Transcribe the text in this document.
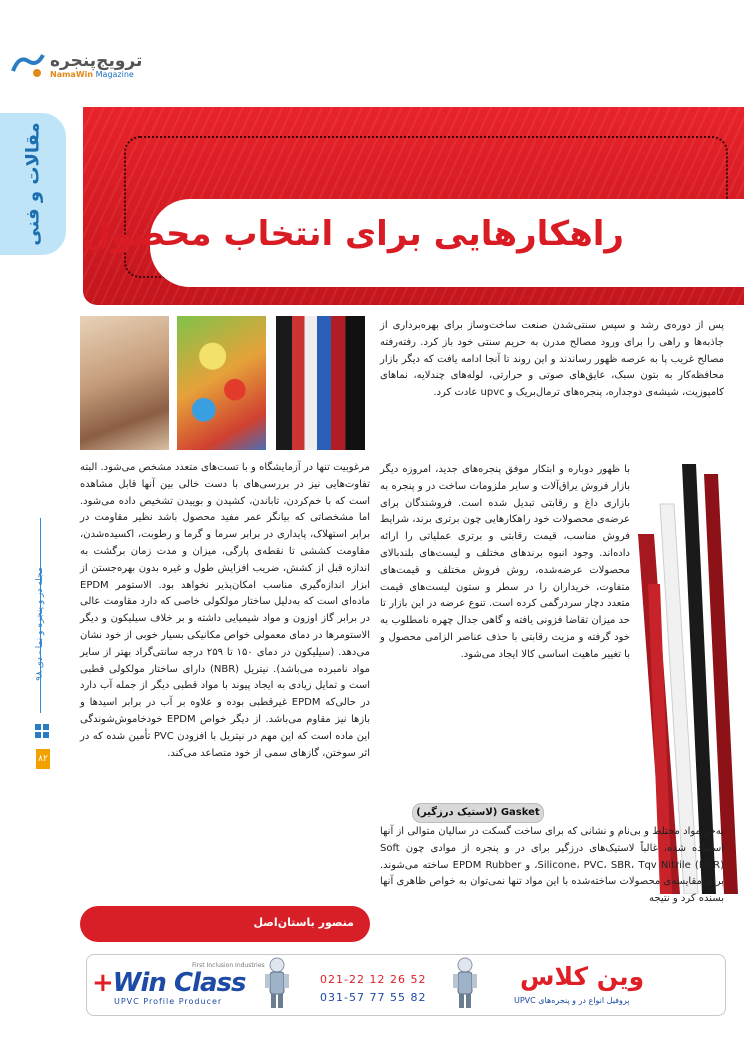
ترویج‌پنجره
NamaWin Magazine
مقالات و فنی راهکارهایی برای انتخاب محصول
مجله در و پنجره و نما - دی ۹۸
۸۲

پس از دوره‌ی رشد و سپس سنتی‌شدن صنعت ساخت‌وساز برای بهره‌برداری از جاذبه‌ها و راهی را برای ورود مصالح مدرن به حریم سنتی خود باز کرد. رفته‌رفته مصالح غریب پا به عرصه ظهور رساندند و این روند تا آنجا ادامه یافت که دیگر بازار محافظه‌کار به بتون سبک، عایق‌های صوتی و حرارتی، لوله‌های چندلایه، نماهای کامپوزیت، شیشه‌ی دوجداره، پنجره‌های ترمال‌بریک و upvc عادت کرد.

با ظهور دوباره و ابتکار موفق پنجره‌های جدید، امروزه دیگر بازار فروش یراق‌آلات و سایر ملزومات ساخت در و پنجره به بازاری داغ و رقابتی تبدیل شده است. فروشندگان برای عرضه‌ی محصولات خود راهکارهایی چون برتری برند، شرایط فروش مناسب، قیمت رقابتی و برتری عملیاتی را ارائه داده‌اند. وجود انبوه برندهای مختلف و لیست‌های بلندبالای محصولات عرضه‌شده، روش فروش مختلف و قیمت‌های متفاوت، خریداران را در سطر و ستون لیست‌های قیمت متعدد دچار سردرگمی کرده است. تنوع عرضه در این بازار تا حد میزان تقاضا فزونی یافته و گاهی جدال چهره نامطلوب به خود گرفته و مزیت رقابتی با حذف عناصر الزامی محصول و با تغییر ماهیت اساسی کالا ایجاد می‌شود.

مرغوبیت تنها در آزمایشگاه و با تست‌های متعدد مشخص می‌شود. البته تفاوت‌هایی نیز در بررسی‌های با دست خالی بین آنها قابل مشاهده است که با خم‌کردن، تاباندن، کشیدن و بوییدن تشخیص داده می‌شود. اما مشخصاتی که بیانگر عمر مفید محصول باشد نظیر مقاومت در برابر استهلاک، پایداری در برابر سرما و گرما و رطوبت، اکسیده‌شدن، مقاومت کششی تا نقطه‌ی پارگی، میزان و مدت زمان برگشت به اندازه قبل از کشش، ضریب افزایش طول و غیره بدون بهره‌جستن از ابزار اندازه‌گیری مناسب امکان‌پذیر نخواهد بود. الاستومر EPDM ماده‌ای است که به‌دلیل ساختار مولکولی خاصی که دارد مقاومت عالی در برابر گاز اوزون و مواد شیمیایی داشته و بر خلاف سیلیکون و دیگر الاستومرها در دمای معمولی خواص مکانیکی بسیار خوبی از خود نشان می‌دهد. (سیلیکون در دمای ۱۵۰ تا ۲۵۹ درجه سانتی‌گراد بهتر از سایر مواد نامبرده می‌باشد). نیتریل (NBR) دارای ساختار مولکولی قطبی است و تمایل زیادی به ایجاد پیوند با مواد قطبی دیگر از جمله آب دارد در حالی‌که EPDM غیرقطبی بوده و علاوه بر آب در برابر اسیدها و بازها نیز مقاوم می‌باشد. از دیگر خواص EPDM خودخاموش‌شوندگی این ماده است که این مهم در نیتریل با افزودن PVC تأمین شده که در اثر سوختن، گازهای سمی از خود متصاعد می‌کند.

Gasket (لاستیک درزگیر)

به‌جز مواد مختلط و بی‌نام و نشانی که برای ساخت گسکت در سالیان متوالی از آنها استفاده شده، غالباً لاستیک‌های درزگیر برای در و پنجره از موادی چون Soft Silicone، PVC، SBR، Tqv Nitrile (NBR)، و EPDM Rubber ساخته می‌شوند. برای مقایسه‌ی محصولات ساخته‌شده با این مواد تنها نمی‌توان به خواص ظاهری آنها بسنده کرد و نتیجه

منصور باستان‌اصل
+Win Class
First Inclusion Industries
UPVC Profile Producer
021-22 12 26 52
031-57 77 55 82
وین کلاس
پروفیل انواع در و پنجره‌های UPVC
